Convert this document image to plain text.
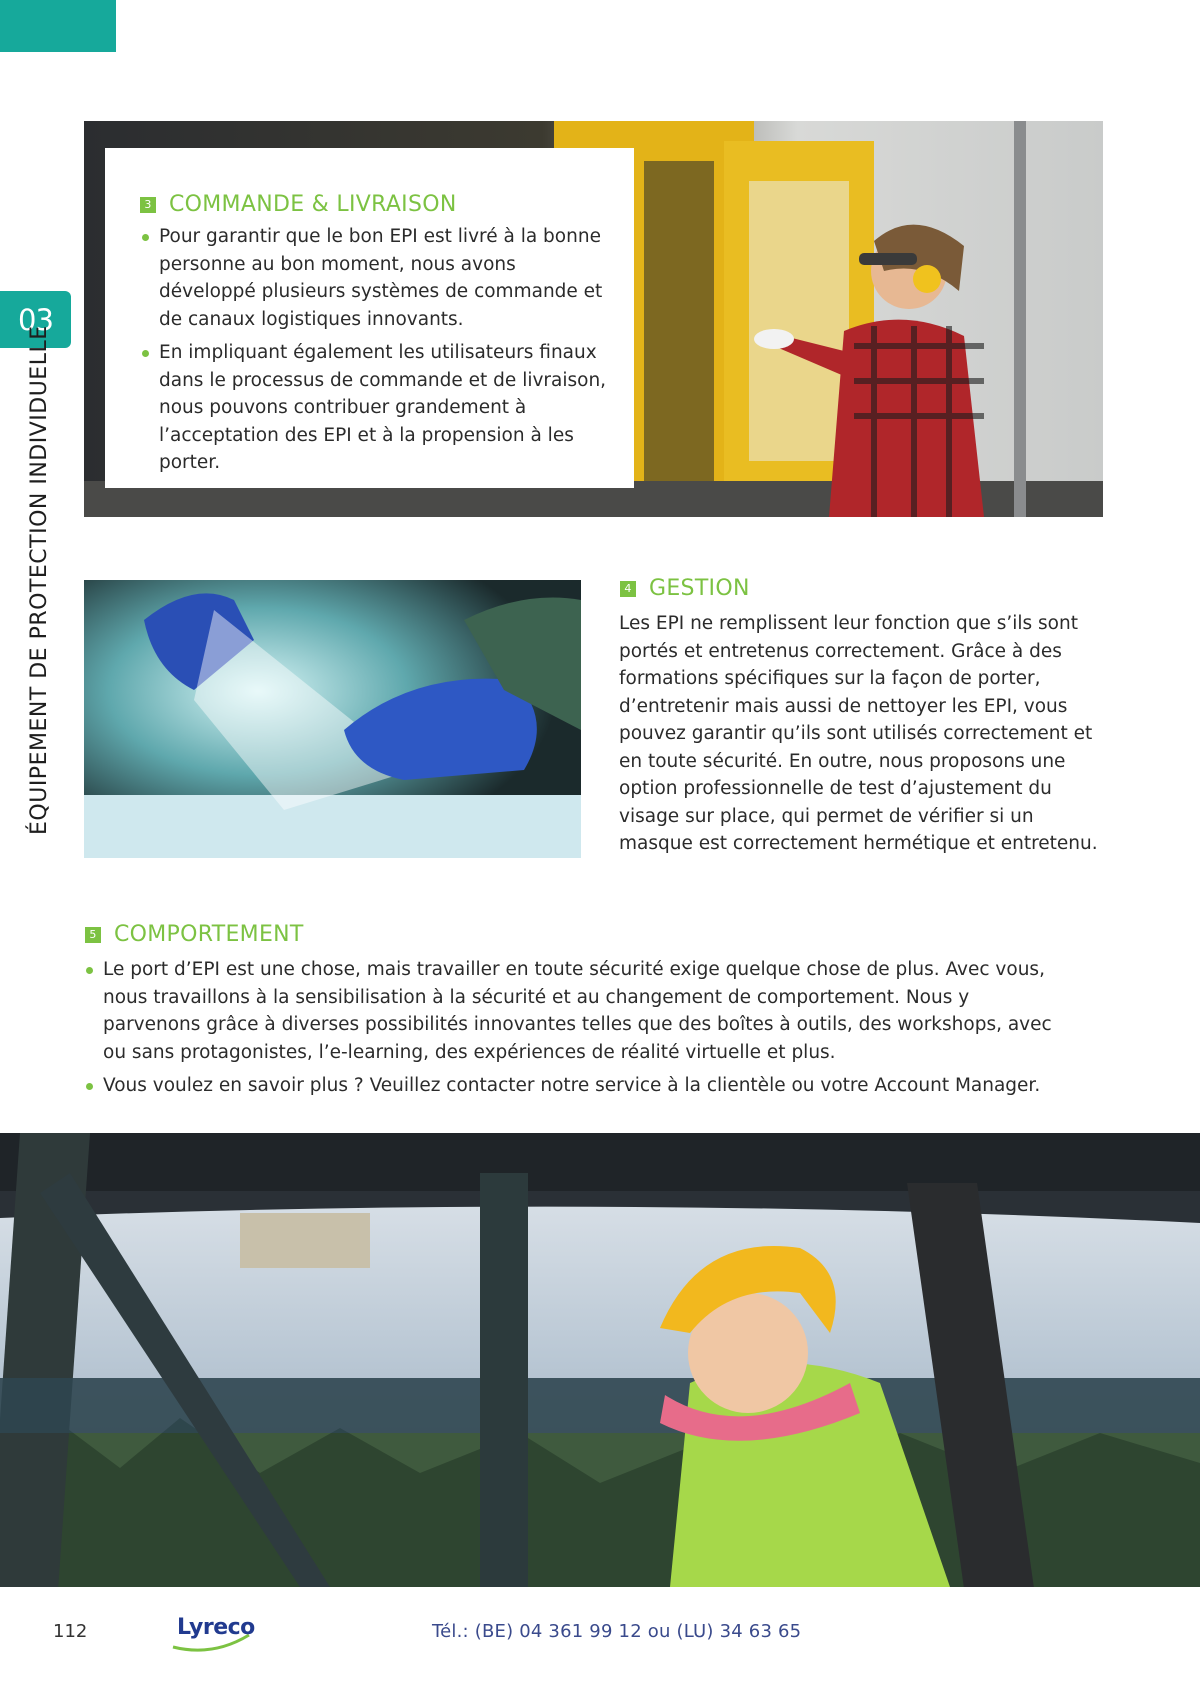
03
ÉQUIPEMENT DE PROTECTION INDIVIDUELLE
3 COMMANDE & LIVRAISON
Pour garantir que le bon EPI est livré à la bonne personne au bon moment, nous avons développé plusieurs systèmes de commande et de canaux logistiques innovants.
En impliquant également les utilisateurs finaux dans le processus de commande et de livraison, nous pouvons contribuer grandement à l’acceptation des EPI et à la propension à les porter.
4 GESTION

Les EPI ne remplissent leur fonction que s’ils sont portés et entretenus correctement. Grâce à des formations spécifiques sur la façon de porter, d’entretenir mais aussi de nettoyer les EPI, vous pouvez garantir qu’ils sont utilisés correctement et en toute sécurité. En outre, nous proposons une option professionnelle de test d’ajustement du visage sur place, qui permet de vérifier si un masque est correctement hermétique et entretenu.

5 COMPORTEMENT
Le port d’EPI est une chose, mais travailler en toute sécurité exige quelque chose de plus. Avec vous, nous travaillons à la sensibilisation à la sécurité et au changement de comportement. Nous y parvenons grâce à diverses possibilités innovantes telles que des boîtes à outils, des workshops, avec ou sans protagonistes, l’e-learning, des expériences de réalité virtuelle et plus.
Vous voulez en savoir plus ? Veuillez contacter notre service à la clientèle ou votre Account Manager.
112	Lyreco	Tél.: (BE) 04 361 99 12 ou (LU) 34 63 65
